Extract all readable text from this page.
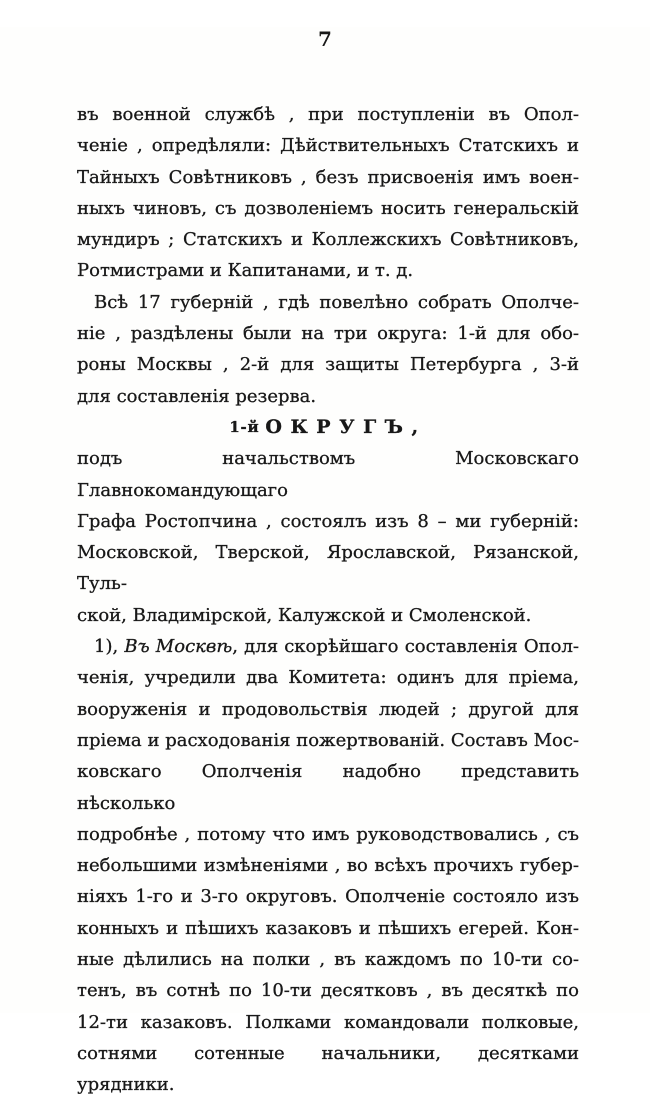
7
въ военной службѣ , при поступленіи въ Опол-
ченіе , опредѣляли: Дѣйствительныхъ Статскихъ и
Тайныхъ Совѣтниковъ , безъ присвоенія имъ воен-
ныхъ чиновъ, съ дозволеніемъ носить генеральскій
мундиръ ; Статскихъ и Коллежскихъ Совѣтниковъ,
Ротмистрами и Капитанами, и т. д.
Всѣ 17 губерній , гдѣ повелѣно собрать Ополче-
ніе , раздѣлены были на три округа: 1-й для обо-
роны Москвы , 2-й для защиты Петербурга , 3-й
для составленія резерва.
1-й ОКРУГЪ,
подъ начальствомъ Московскаго Главнокомандующаго
Графа Ростопчина , состоялъ изъ 8 – ми губерній:
Московской, Тверской, Ярославской, Рязанской, Туль-
ской, Владимірской, Калужской и Смоленской.
1), Въ Москвѣ, для скорѣйшаго составленія Опол-
ченія, учредили два Комитета: одинъ для пріема,
вооруженія и продовольствія людей ; другой для
пріема и расходованія пожертвованій. Составъ Мос-
ковскаго Ополченія надобно представить нѣсколько
подробнѣе , потому что имъ руководствовались , съ
небольшими измѣненіями , во всѣхъ прочихъ губер-
ніяхъ 1-го и 3-го округовъ. Ополченіе состояло изъ
конныхъ и пѣшихъ казаковъ и пѣшихъ егерей. Кон-
ные дѣлились на полки , въ каждомъ по 10-ти со-
тенъ, въ сотнѣ по 10-ти десятковъ , въ десяткѣ по
12-ти казаковъ. Полками командовали полковые,
сотнями сотенные начальники, десятками урядники.
